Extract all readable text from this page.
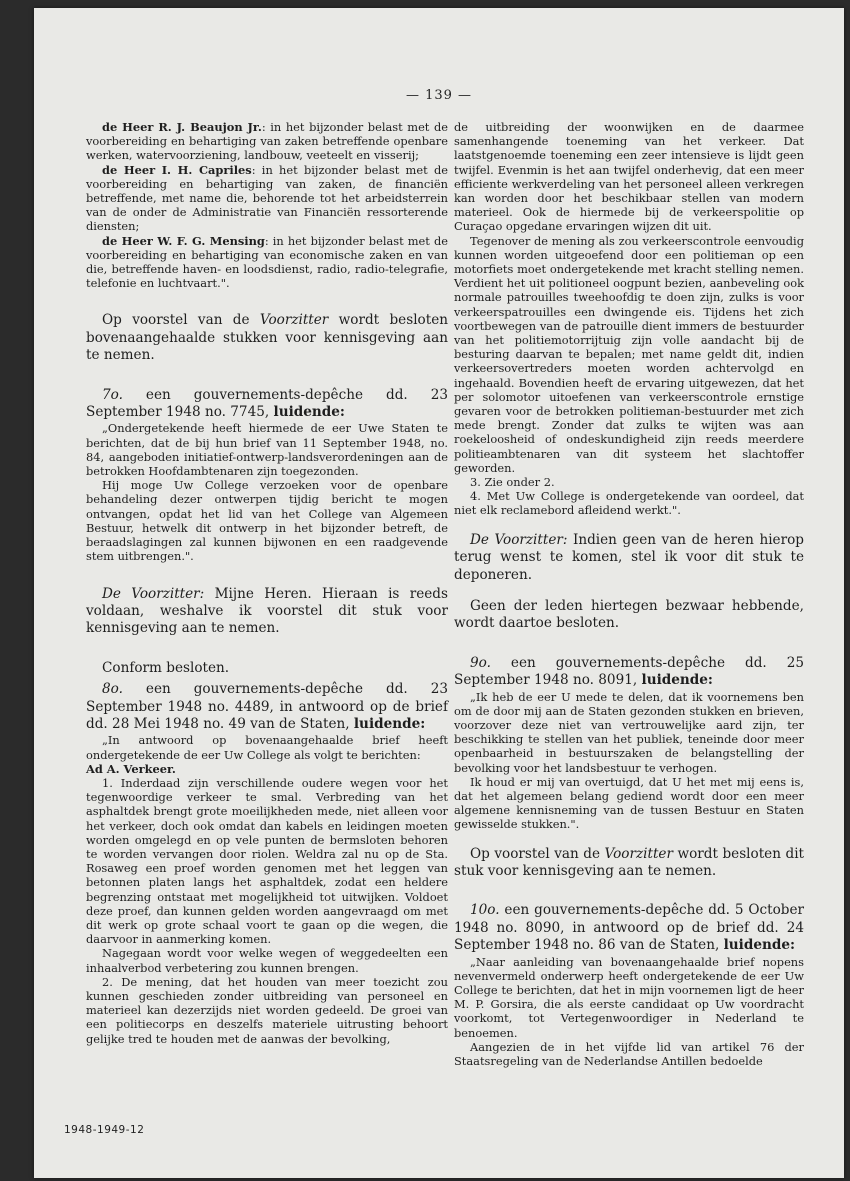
— 139 —

de Heer R. J. Beaujon Jr.: in het bijzonder belast met de voorbereiding en behartiging van zaken betreffende openbare werken, watervoorziening, landbouw, veeteelt en visserij;

de Heer I. H. Capriles: in het bijzonder belast met de voorbereiding en behartiging van zaken, de financiën betreffende, met name die, behorende tot het arbeidsterrein van de onder de Administratie van Financiën ressorterende diensten;

de Heer W. F. G. Mensing: in het bijzonder belast met de voorbereiding en behartiging van economische zaken en van die, betreffende haven- en loodsdienst, radio, radio-telegrafie, telefonie en luchtvaart.".

Op voorstel van de Voorzitter wordt besloten bovenaangehaalde stukken voor kennisgeving aan te nemen.

7o. een gouvernements-depêche dd. 23 September 1948 no. 7745, luidende:

„Ondergetekende heeft hiermede de eer Uwe Staten te berichten, dat de bij hun brief van 11 September 1948, no. 84, aangeboden initiatief-ontwerp-landsverordeningen aan de betrokken Hoofdambtenaren zijn toegezonden.

Hij moge Uw College verzoeken voor de openbare behandeling dezer ontwerpen tijdig bericht te mogen ontvangen, opdat het lid van het College van Algemeen Bestuur, hetwelk dit ontwerp in het bijzonder betreft, de beraadslagingen zal kunnen bijwonen en een raadgevende stem uitbrengen.".

De Voorzitter: Mijne Heren. Hieraan is reeds voldaan, weshalve ik voorstel dit stuk voor kennisgeving aan te nemen.

Conform besloten.

8o. een gouvernements-depêche dd. 23 September 1948 no. 4489, in antwoord op de brief dd. 28 Mei 1948 no. 49 van de Staten, luidende:

„In antwoord op bovenaangehaalde brief heeft ondergetekende de eer Uw College als volgt te berichten:

Ad A. Verkeer.

1. Inderdaad zijn verschillende oudere wegen voor het tegenwoordige verkeer te smal. Verbreding van het asphaltdek brengt grote moeilijkheden mede, niet alleen voor het verkeer, doch ook omdat dan kabels en leidingen moeten worden omgelegd en op vele punten de bermsloten behoren te worden vervangen door riolen. Weldra zal nu op de Sta. Rosaweg een proef worden genomen met het leggen van betonnen platen langs het asphaltdek, zodat een heldere begrenzing ontstaat met mogelijkheid tot uitwijken. Voldoet deze proef, dan kunnen gelden worden aangevraagd om met dit werk op grote schaal voort te gaan op die wegen, die daarvoor in aanmerking komen.

Nagegaan wordt voor welke wegen of weggedeelten een inhaalverbod verbetering zou kunnen brengen.

2. De mening, dat het houden van meer toezicht zou kunnen geschieden zonder uitbreiding van personeel en materieel kan dezerzijds niet worden gedeeld. De groei van een politiecorps en deszelfs materiele uitrusting behoort gelijke tred te houden met de aanwas der bevolking,

de uitbreiding der woonwijken en de daarmee samenhangende toeneming van het verkeer. Dat laatstgenoemde toeneming een zeer intensieve is lijdt geen twijfel. Evenmin is het aan twijfel onderhevig, dat een meer efficiente werkverdeling van het personeel alleen verkregen kan worden door het beschikbaar stellen van modern materieel. Ook de hiermede bij de verkeerspolitie op Curaçao opgedane ervaringen wijzen dit uit.

Tegenover de mening als zou verkeerscontrole eenvoudig kunnen worden uitgeoefend door een politieman op een motorfiets moet ondergetekende met kracht stelling nemen. Verdient het uit politioneel oogpunt bezien, aanbeveling ook normale patrouilles tweehoofdig te doen zijn, zulks is voor verkeerspatrouilles een dwingende eis. Tijdens het zich voortbewegen van de patrouille dient immers de bestuurder van het politiemotorrijtuig zijn volle aandacht bij de besturing daarvan te bepalen; met name geldt dit, indien verkeersovertreders moeten worden achtervolgd en ingehaald. Bovendien heeft de ervaring uitgewezen, dat het per solomotor uitoefenen van verkeerscontrole ernstige gevaren voor de betrokken politieman-bestuurder met zich mede brengt. Zonder dat zulks te wijten was aan roekeloosheid of ondeskundigheid zijn reeds meerdere politieambtenaren van dit systeem het slachtoffer geworden.

3. Zie onder 2.

4. Met Uw College is ondergetekende van oordeel, dat niet elk reclamebord afleidend werkt.".

De Voorzitter: Indien geen van de heren hierop terug wenst te komen, stel ik voor dit stuk te deponeren.

Geen der leden hiertegen bezwaar hebbende, wordt daartoe besloten.

9o. een gouvernements-depêche dd. 25 September 1948 no. 8091, luidende:

„Ik heb de eer U mede te delen, dat ik voornemens ben om de door mij aan de Staten gezonden stukken en brieven, voorzover deze niet van vertrouwelijke aard zijn, ter beschikking te stellen van het publiek, teneinde door meer openbaarheid in bestuurszaken de belangstelling der bevolking voor het landsbestuur te verhogen.

Ik houd er mij van overtuigd, dat U het met mij eens is, dat het algemeen belang gediend wordt door een meer algemene kennisneming van de tussen Bestuur en Staten gewisselde stukken.".

Op voorstel van de Voorzitter wordt besloten dit stuk voor kennisgeving aan te nemen.

10o. een gouvernements-depêche dd. 5 October 1948 no. 8090, in antwoord op de brief dd. 24 September 1948 no. 86 van de Staten, luidende:

„Naar aanleiding van bovenaangehaalde brief nopens nevenvermeld onderwerp heeft ondergetekende de eer Uw College te berichten, dat het in mijn voornemen ligt de heer M. P. Gorsira, die als eerste candidaat op Uw voordracht voorkomt, tot Vertegenwoordiger in Nederland te benoemen.

Aangezien de in het vijfde lid van artikel 76 der Staatsregeling van de Nederlandse Antillen bedoelde

1948-1949-12
